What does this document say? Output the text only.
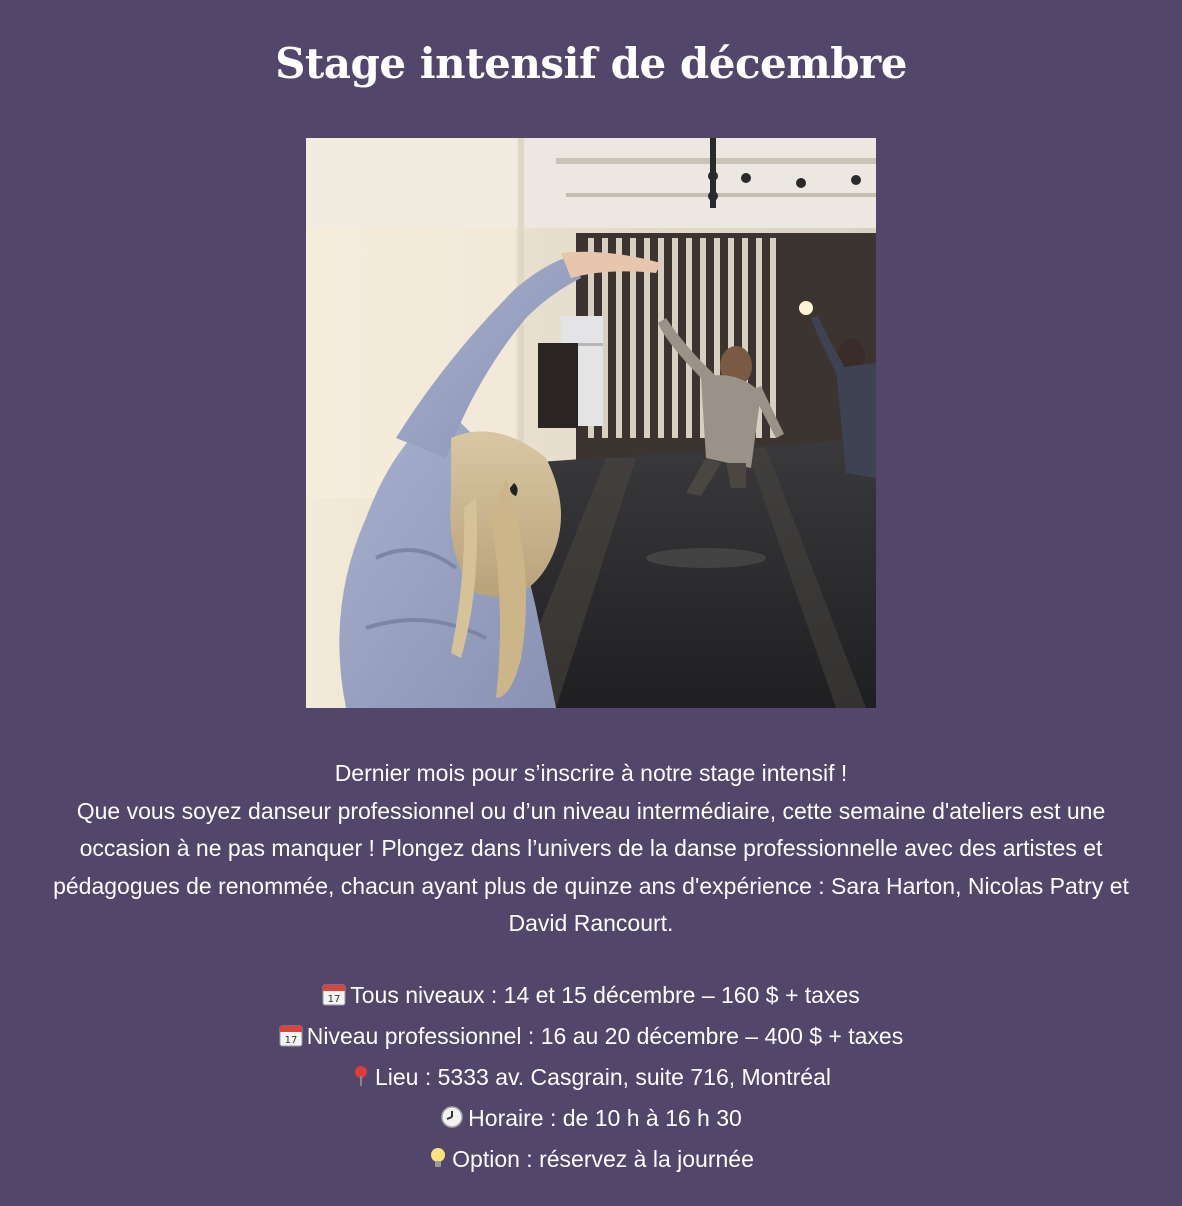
Stage intensif de décembre

Dernier mois pour s’inscrire à notre stage intensif !

Que vous soyez danseur professionnel ou d’un niveau intermédiaire, cette semaine d'ateliers est une occasion à ne pas manquer ! Plongez dans l’univers de la danse professionnelle avec des artistes et pédagogues de renommée, chacun ayant plus de quinze ans d'expérience : Sara Harton, Nicolas Patry et David Rancourt.

17 Tous niveaux : 14 et 15 décembre – 160 $ + taxes
17 Niveau professionnel : 16 au 20 décembre – 400 $ + taxes
Lieu : 5333 av. Casgrain, suite 716, Montréal
Horaire : de 10 h à 16 h 30
Option : réservez à la journée
